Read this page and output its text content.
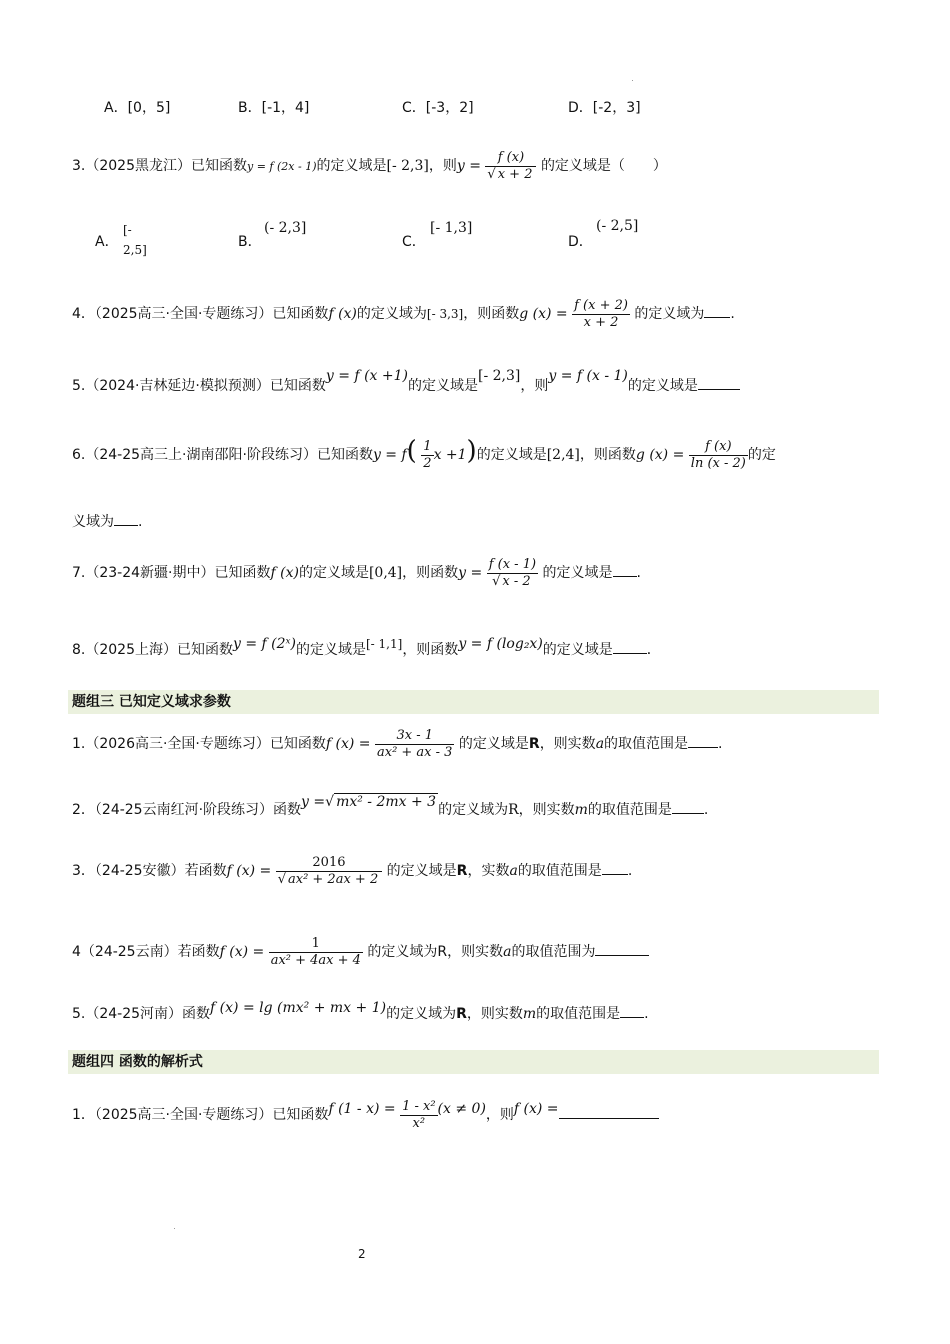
A．[0，5]	B．[-1，4]	C．[-3，2]	D．[-2，3]
3.（2025黑龙江）已知函数y = f (2x - 1)的定义域是[- 2,3]，则$y = \frac{f (x)}{√ x + 2}$ 的定义域是（　　）
A．
[- 2,5]	B．
(- 2,3]
C．
[- 1,3]
D．
(- 2,5]
4．（2025高三·全国·专题练习）已知函数f (x)的定义域为[- 3,3]，则函数g $(x) = \frac{f (x + 2)}{x + 2}$ 的定义域为 .
5.（2024·吉林延边·模拟预测）已知函数y = f (x +1)的定义域是[- 2,3]，则y = f (x - 1)的定义域是
6.（24-25高三上·湖南邵阳·阶段练习）已知函数$y = f( \frac{1}{2}$ x +1)的定义域是[2,4]，则函数g $(x) = \frac{f (x)}{\ln (x - 2)}$ 的定
义域为 .
7.（23-24新疆·期中）已知函数f (x)的定义域是[0,4]，则函数$y = \frac{f (x - 1)}{√ x - 2}$ 的定义域是 .
8.（2025上海）已知函数y = f (2ˣ)的定义域是[- 1,1]，则函数y = f (log₂x)的定义域是 ．
题组三 已知定义域求参数
1.（2026高三·全国·专题练习）已知函数f $(x) = \frac{3x - 1}{\text{ax² + ax - 3}}$ 的定义域是R，则实数a的取值范围是 .
2．（24-25云南红河·阶段练习）函数y =√ mx² - 2mx + 3 的定义域为R，则实数m的取值范围是 .
3．（24-25安徽）若函数f $(x) = \frac{2016}{\text{√ ax² + 2ax + 2}}$ 的定义域是R，实数a的取值范围是 .
4（24-25云南）若函数f $(x) = \frac{1}{\text{ax² + 4ax + 4}}$ 的定义域为R，则实数a的取值范围为
5.（24-25河南）函数f (x) = lg (mx² + mx + 1)的定义域为R，则实数m的取值范围是 .
题组四 函数的解析式
1．（2025高三·全国·专题练习）已知函数f $(1 - x) = \frac{\text{1 - x²}}{\text{x²}} (x \ne 0)$，则f (x) =
2
